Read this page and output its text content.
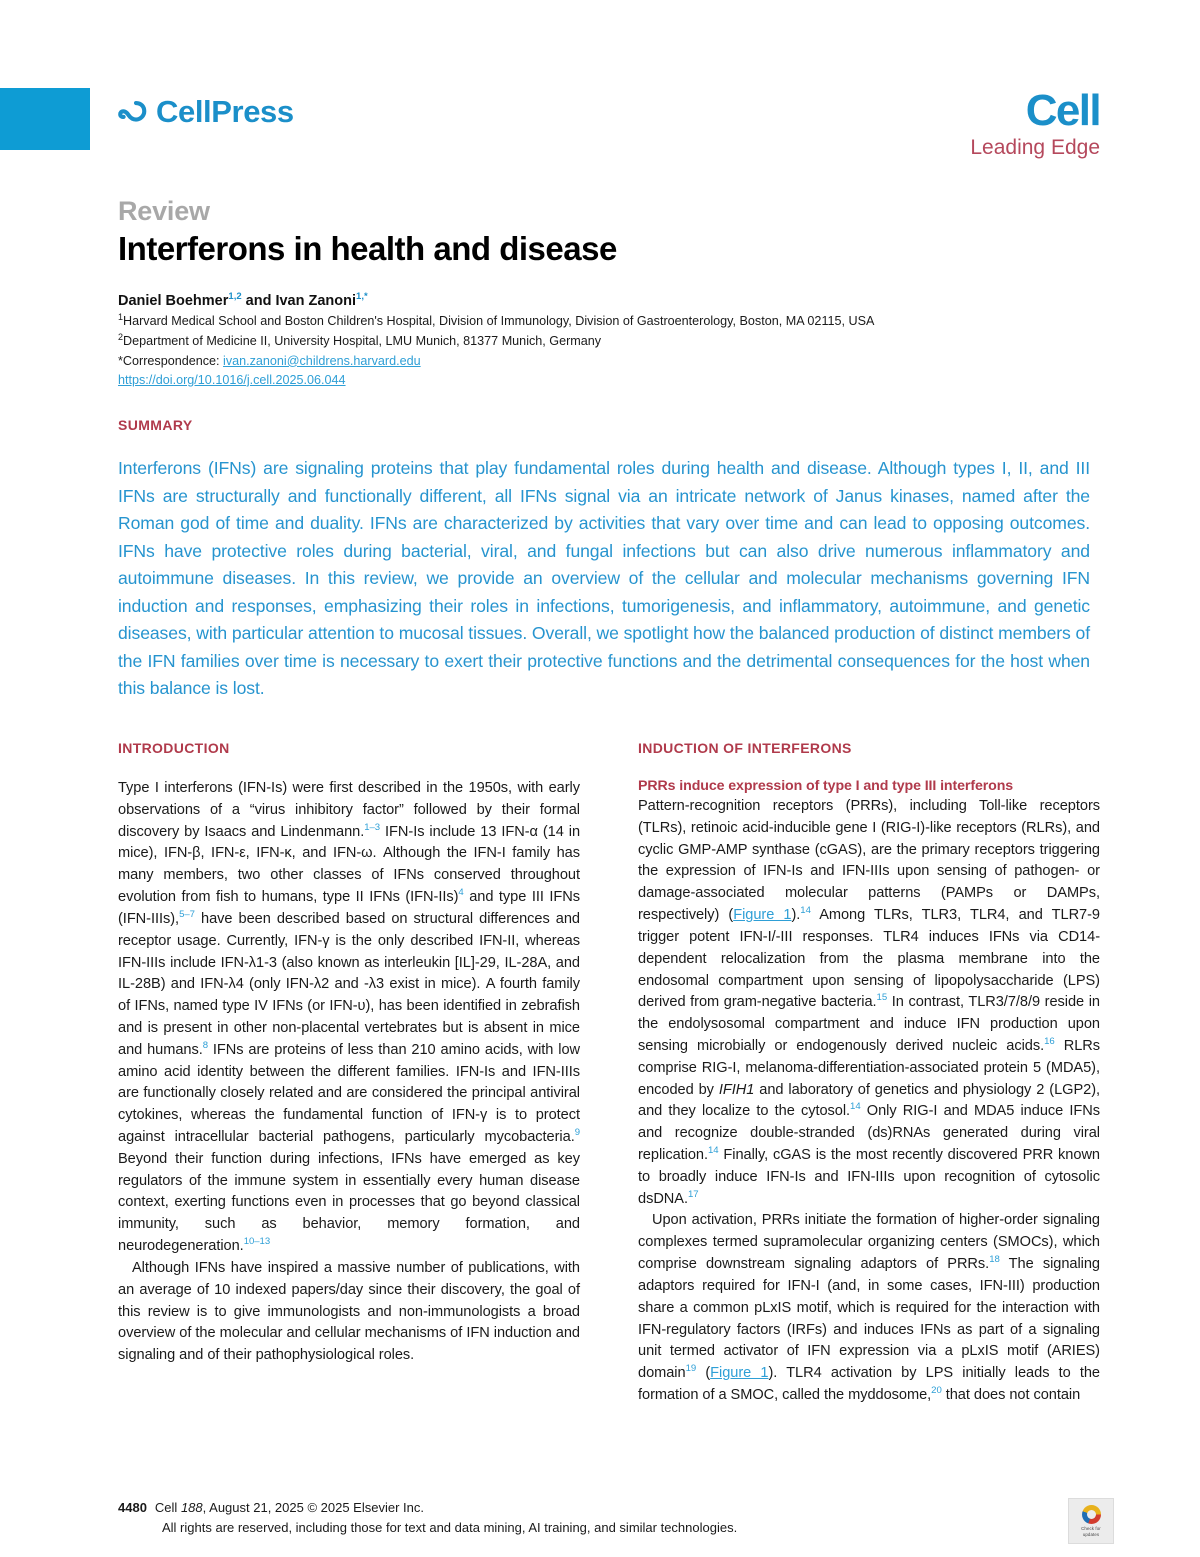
CellPress	Cell
Leading Edge
Review
Interferons in health and disease
Daniel Boehmer$^{1,2}$ and Ivan Zanoni$^{1,*}$
$^1$Harvard Medical School and Boston Children's Hospital, Division of Immunology, Division of Gastroenterology, Boston, MA 02115, USA
$^2$Department of Medicine II, University Hospital, LMU Munich, 81377 Munich, Germany
*Correspondence: ivan.zanoni@childrens.harvard.edu
https://doi.org/10.1016/j.cell.2025.06.044
SUMMARY
Interferons (IFNs) are signaling proteins that play fundamental roles during health and disease. Although types I, II, and III IFNs are structurally and functionally different, all IFNs signal via an intricate network of Janus kinases, named after the Roman god of time and duality. IFNs are characterized by activities that vary over time and can lead to opposing outcomes. IFNs have protective roles during bacterial, viral, and fungal infections but can also drive numerous inflammatory and autoimmune diseases. In this review, we provide an overview of the cellular and molecular mechanisms governing IFN induction and responses, emphasizing their roles in infections, tumorigenesis, and inflammatory, autoimmune, and genetic diseases, with particular attention to mucosal tissues. Overall, we spotlight how the balanced production of distinct members of the IFN families over time is necessary to exert their protective functions and the detrimental consequences for the host when this balance is lost.
INTRODUCTION

Type I interferons (IFN-Is) were first described in the 1950s, with early observations of a “virus inhibitory factor” followed by their formal discovery by Isaacs and Lindenmann.$^{1-3}$ IFN-Is include 13 IFN-α (14 in mice), IFN-β, IFN-ε, IFN-κ, and IFN-ω. Although the IFN-I family has many members, two other classes of IFNs conserved throughout evolution from fish to humans, type II IFNs $(IFN-IIs)^4$ and type III IFNs (IFN-IIIs),$^{5-7}$ have been described based on structural differences and receptor usage. Currently, IFN-γ is the only described IFN-II, whereas IFN-IIIs include IFN-λ1-3 (also known as interleukin [IL]-29, IL-28A, and IL-28B) and IFN-λ4 (only IFN-λ2 and -λ3 exist in mice). A fourth family of IFNs, named type IV IFNs (or IFN-υ), has been identified in zebrafish and is present in other non-placental vertebrates but is absent in mice and humans.$^8$ IFNs are proteins of less than 210 amino acids, with low amino acid identity between the different families. IFN-Is and IFN-IIIs are functionally closely related and are considered the principal antiviral cytokines, whereas the fundamental function of IFN-γ is to protect against intracellular bacterial pathogens, particularly mycobacteria.$^9$ Beyond their function during infections, IFNs have emerged as key regulators of the immune system in essentially every human disease context, exerting functions even in processes that go beyond classical immunity, such as behavior, memory formation, and neurodegeneration.$^{10-13}$

Although IFNs have inspired a massive number of publications, with an average of 10 indexed papers/day since their discovery, the goal of this review is to give immunologists and non-immunologists a broad overview of the molecular and cellular mechanisms of IFN induction and signaling and of their pathophysiological roles.

INDUCTION OF INTERFERONS
PRRs induce expression of type I and type III interferons

Pattern-recognition receptors (PRRs), including Toll-like receptors (TLRs), retinoic acid-inducible gene I (RIG-I)-like receptors (RLRs), and cyclic GMP-AMP synthase (cGAS), are the primary receptors triggering the expression of IFN-Is and IFN-IIIs upon sensing of pathogen- or damage-associated molecular patterns (PAMPs or DAMPs, respectively) (Figure 1).$^{14}$ Among TLRs, TLR3, TLR4, and TLR7-9 trigger potent IFN-I/-III responses. TLR4 induces IFNs via CD14-dependent relocalization from the plasma membrane into the endosomal compartment upon sensing of lipopolysaccharide (LPS) derived from gram-negative bacteria.$^{15}$ In contrast, TLR3/7/8/9 reside in the endolysosomal compartment and induce IFN production upon sensing microbially or endogenously derived nucleic acids.$^{16}$ RLRs comprise RIG-I, melanoma-differentiation-associated protein 5 (MDA5), encoded by IFIH1 and laboratory of genetics and physiology 2 (LGP2), and they localize to the cytosol.$^{14}$ Only RIG-I and MDA5 induce IFNs and recognize double-stranded (ds)RNAs generated during viral replication.$^{14}$ Finally, cGAS is the most recently discovered PRR known to broadly induce IFN-Is and IFN-IIIs upon recognition of cytosolic dsDNA.$^{17}$

Upon activation, PRRs initiate the formation of higher-order signaling complexes termed supramolecular organizing centers (SMOCs), which comprise downstream signaling adaptors of PRRs.$^{18}$ The signaling adaptors required for IFN-I (and, in some cases, IFN-III) production share a common pLxIS motif, which is required for the interaction with IFN-regulatory factors (IRFs) and induces IFNs as part of a signaling unit termed activator of IFN expression via a pLxIS motif (ARIES) domain$^{19}$ (Figure 1). TLR4 activation by LPS initially leads to the formation of a SMOC, called the myddosome,$^{20}$ that does not contain

4480 Cell 188, August 21, 2025 © 2025 Elsevier Inc.
All rights are reserved, including those for text and data mining, AI training, and similar technologies.	Check for
updates
